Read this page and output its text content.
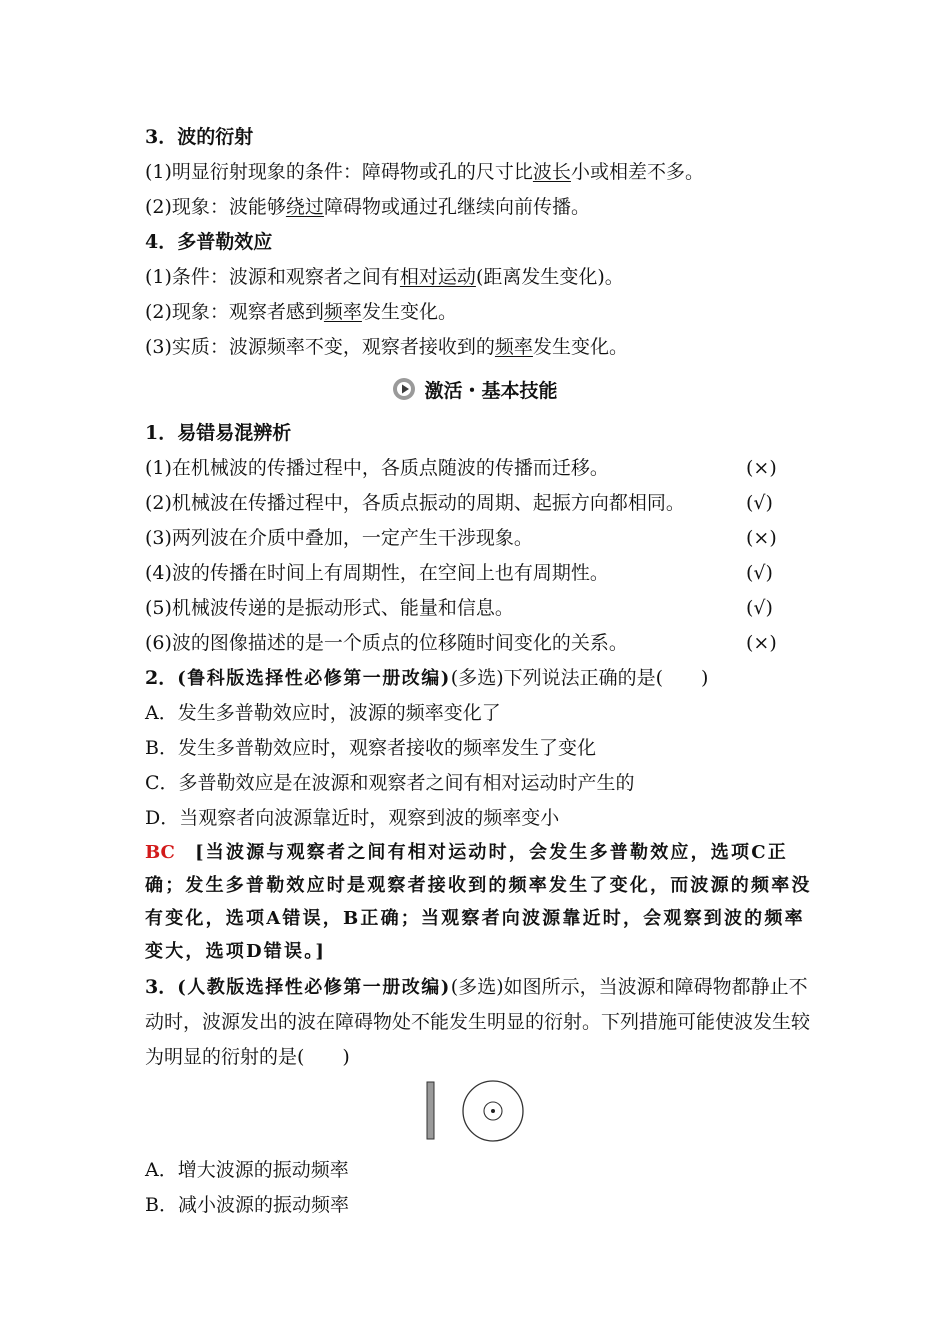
3．波的衍射
(1)明显衍射现象的条件：障碍物或孔的尺寸比波长小或相差不多。
(2)现象：波能够绕过障碍物或通过孔继续向前传播。
4．多普勒效应
(1)条件：波源和观察者之间有相对运动(距离发生变化)。
(2)现象：观察者感到频率发生变化。
(3)实质：波源频率不变，观察者接收到的频率发生变化。
激活・基本技能
1．易错易混辨析
(1)在机械波的传播过程中，各质点随波的传播而迁移。	(×)
(2)机械波在传播过程中，各质点振动的周期、起振方向都相同。	(√)
(3)两列波在介质中叠加，一定产生干涉现象。	(×)
(4)波的传播在时间上有周期性，在空间上也有周期性。	(√)
(5)机械波传递的是振动形式、能量和信息。	(√)
(6)波的图像描述的是一个质点的位移随时间变化的关系。	(×)
2．(鲁科版选择性必修第一册改编)(多选)下列说法正确的是(　　)
A．发生多普勒效应时，波源的频率变化了
B．发生多普勒效应时，观察者接收的频率发生了变化
C．多普勒效应是在波源和观察者之间有相对运动时产生的
D．当观察者向波源靠近时，观察到波的频率变小
BC　 [当波源与观察者之间有相对运动时，会发生多普勒效应，选项C正确；发生多普勒效应时是观察者接收到的频率发生了变化，而波源的频率没有变化，选项A错误，B正确；当观察者向波源靠近时，会观察到波的频率变大，选项D错误。]
3．(人教版选择性必修第一册改编)(多选)如图所示，当波源和障碍物都静止不动时，波源发出的波在障碍物处不能发生明显的衍射。下列措施可能使波发生较为明显的衍射的是(　　)
A．增大波源的振动频率
B．减小波源的振动频率
